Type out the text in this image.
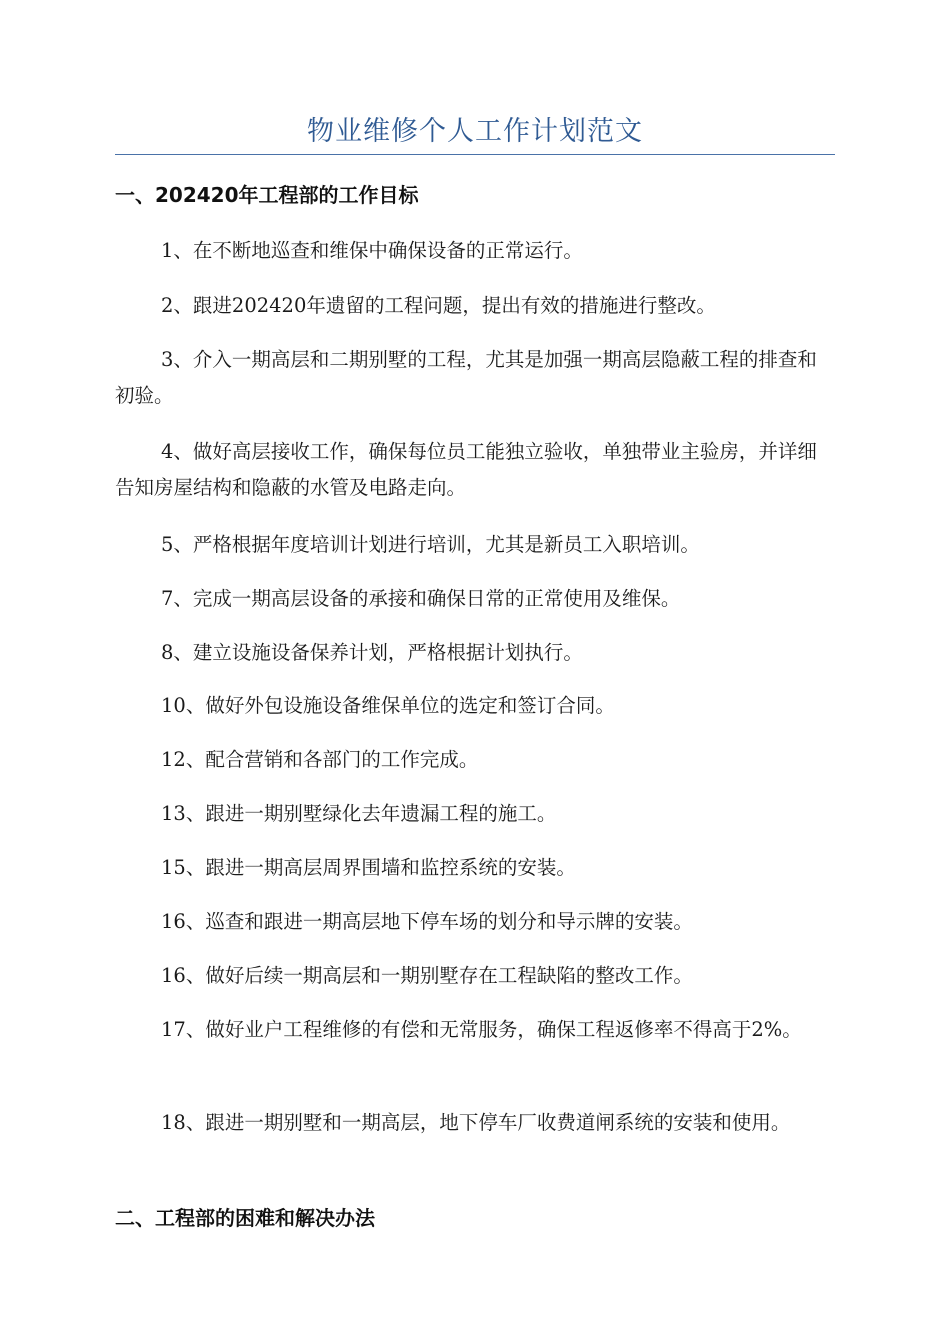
物业维修个人工作计划范文
一、202420年工程部的工作目标
1、在不断地巡查和维保中确保设备的正常运行。
2、跟进202420年遗留的工程问题，提出有效的措施进行整改。
3、介入一期高层和二期别墅的工程，尤其是加强一期高层隐蔽工程的排查和初验。
4、做好高层接收工作，确保每位员工能独立验收，单独带业主验房，并详细告知房屋结构和隐蔽的水管及电路走向。
5、严格根据年度培训计划进行培训，尤其是新员工入职培训。
7、完成一期高层设备的承接和确保日常的正常使用及维保。
8、建立设施设备保养计划，严格根据计划执行。
10、做好外包设施设备维保单位的选定和签订合同。
12、配合营销和各部门的工作完成。
13、跟进一期别墅绿化去年遗漏工程的施工。
15、跟进一期高层周界围墙和监控系统的安装。
16、巡查和跟进一期高层地下停车场的划分和导示牌的安装。
16、做好后续一期高层和一期别墅存在工程缺陷的整改工作。
17、做好业户工程维修的有偿和无常服务，确保工程返修率不得高于2%。
18、跟进一期别墅和一期高层，地下停车厂收费道闸系统的安装和使用。
二、工程部的困难和解决办法
